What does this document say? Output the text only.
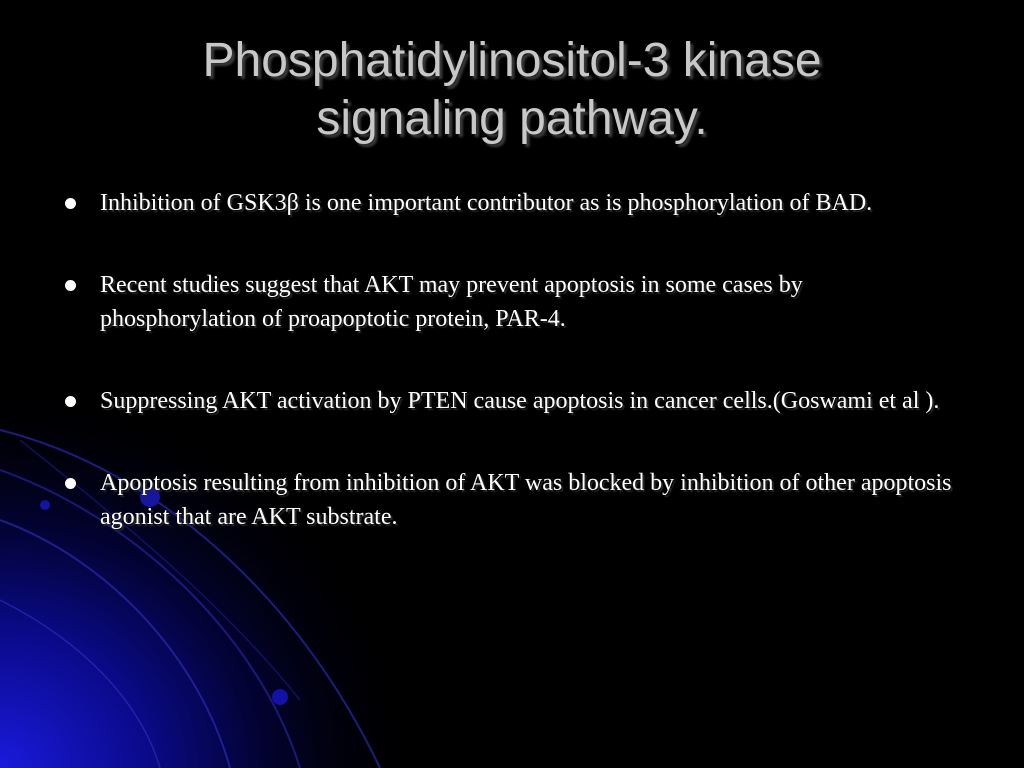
Phosphatidylinositol-3 kinase
signaling pathway.
Inhibition of GSK3β is one important contributor as is phosphorylation of BAD.
Recent studies suggest that AKT may prevent apoptosis in some cases by phosphorylation of proapoptotic protein, PAR-4.
Suppressing AKT activation by PTEN cause apoptosis in cancer cells.(Goswami et al ).
Apoptosis resulting from inhibition of AKT was blocked by inhibition of other apoptosis agonist that are AKT substrate.
